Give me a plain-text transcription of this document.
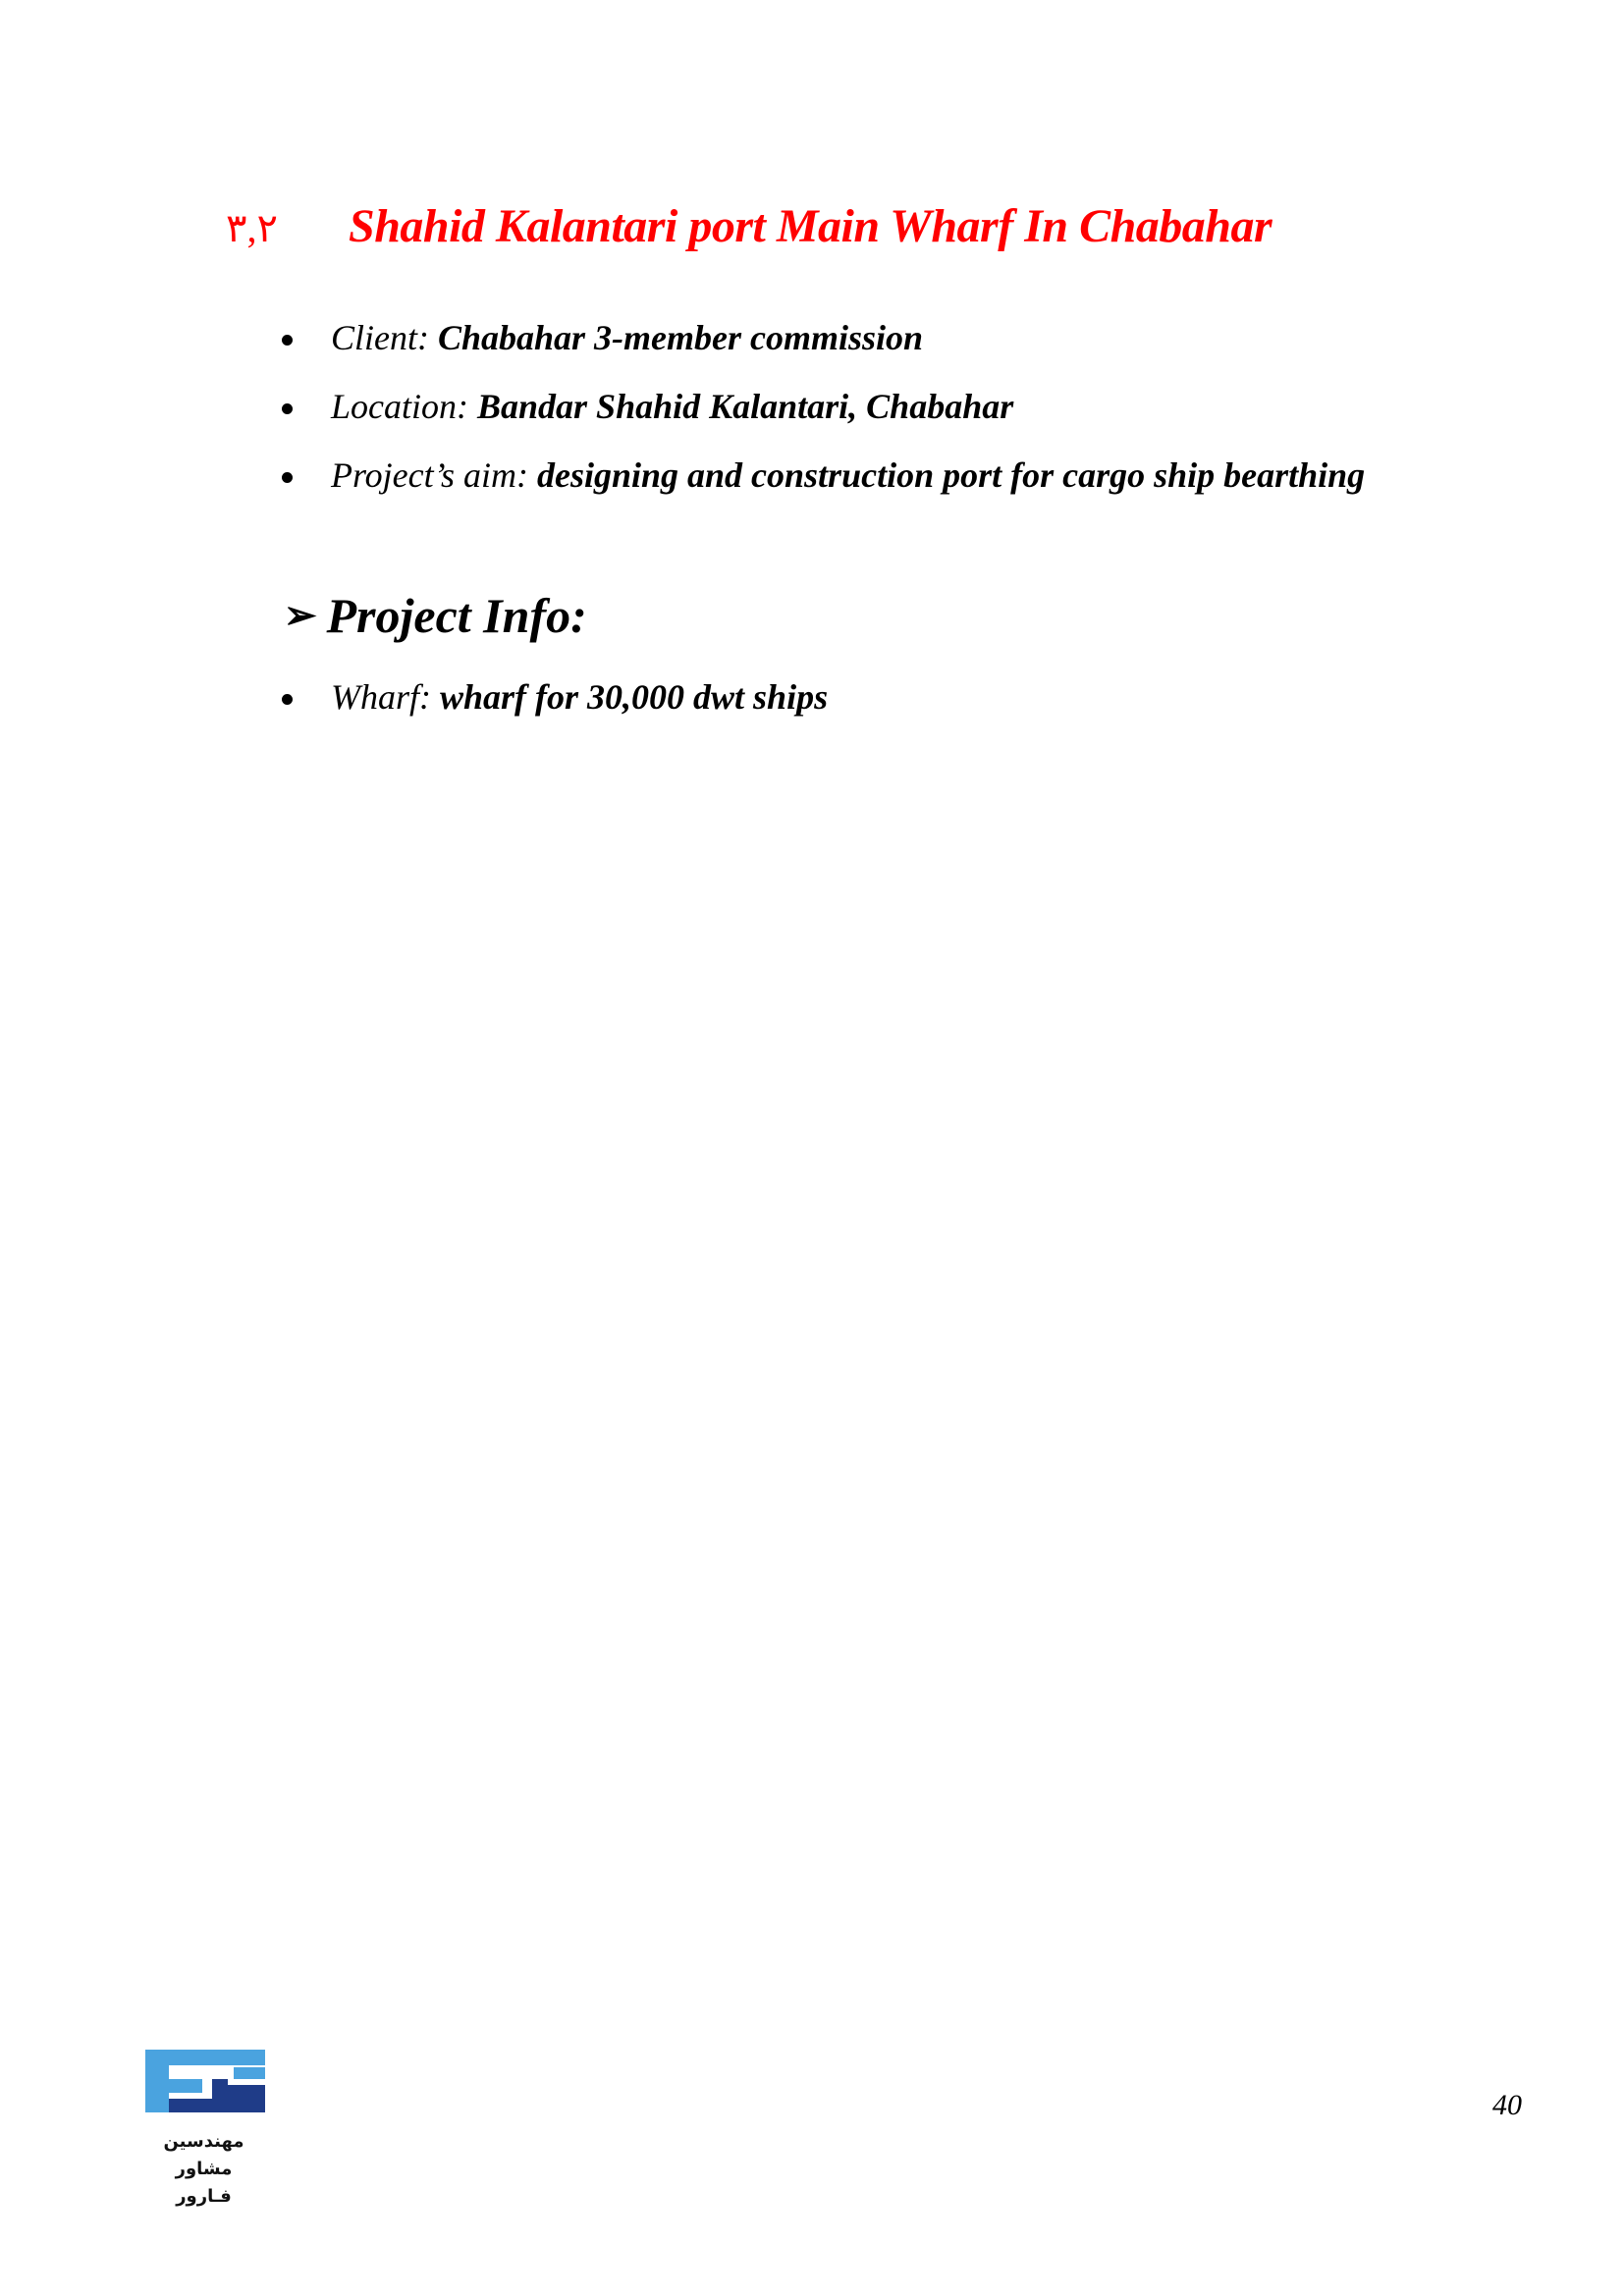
٣,٢ Shahid Kalantari port Main Wharf In Chabahar
Client: Chabahar 3-member commission
Location: Bandar Shahid Kalantari, Chabahar
Project’s aim: designing and construction port for cargo ship bearthing
➢ Project Info:
Wharf: wharf for 30,000 dwt ships
مهندسین مشاور
فـارور
40
